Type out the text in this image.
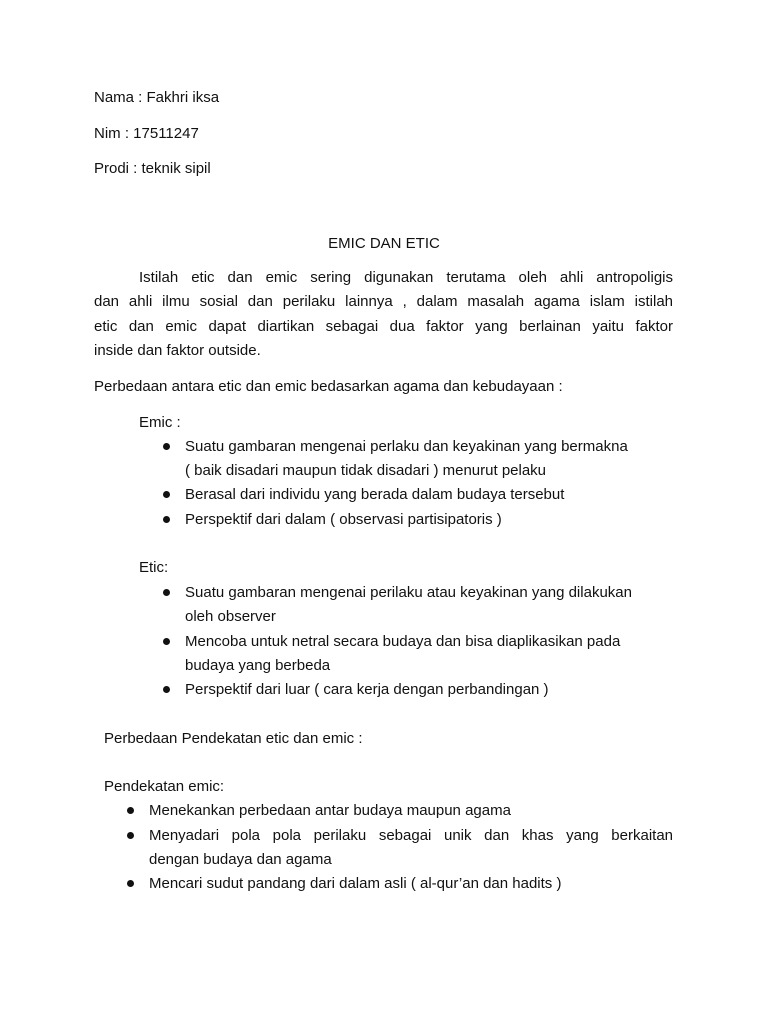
Nama : Fakhri iksa
Nim : 17511247
Prodi : teknik sipil
EMIC DAN ETIC
Istilah etic dan emic sering digunakan terutama oleh ahli antropoligis
dan ahli ilmu sosial dan perilaku lainnya , dalam masalah agama islam istilah
etic dan emic dapat diartikan sebagai dua faktor yang berlainan yaitu faktor
inside dan faktor outside.
Perbedaan antara etic dan emic bedasarkan agama dan kebudayaan :
Emic :
Suatu gambaran mengenai perlaku dan keyakinan yang bermakna
( baik disadari maupun tidak disadari ) menurut pelaku
Berasal dari individu yang berada dalam budaya tersebut
Perspektif dari dalam ( observasi partisipatoris )
Etic:
Suatu gambaran mengenai perilaku atau keyakinan yang dilakukan
oleh observer
Mencoba untuk netral secara budaya dan bisa diaplikasikan pada
budaya yang berbeda
Perspektif dari luar ( cara kerja dengan perbandingan )
Perbedaan Pendekatan etic dan emic :
Pendekatan emic:
Menekankan perbedaan antar budaya maupun agama
Menyadari pola pola perilaku sebagai unik dan khas yang berkaitan
dengan budaya dan agama
Mencari sudut pandang dari dalam asli ( al-qur’an dan hadits )
